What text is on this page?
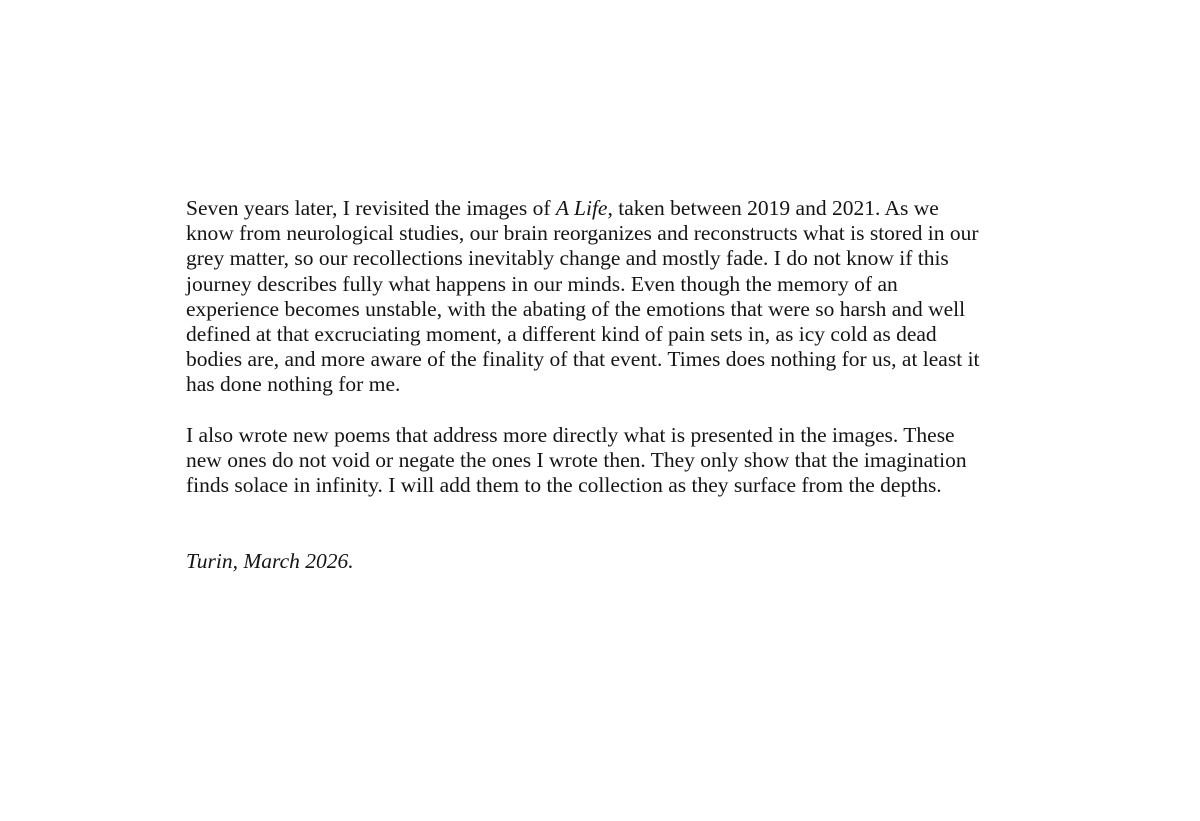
Seven years later, I revisited the images of A Life, taken between 2019 and 2021. As we
know from neurological studies, our brain reorganizes and reconstructs what is stored in our
grey matter, so our recollections inevitably change and mostly fade. I do not know if this
journey describes fully what happens in our minds. Even though the memory of an
experience becomes unstable, with the abating of the emotions that were so harsh and well
defined at that excruciating moment, a different kind of pain sets in, as icy cold as dead
bodies are, and more aware of the finality of that event. Times does nothing for us, at least it
has done nothing for me.

I also wrote new poems that address more directly what is presented in the images. These
new ones do not void or negate the ones I wrote then. They only show that the imagination
finds solace in infinity. I will add them to the collection as they surface from the depths.

Turin, March 2026.
